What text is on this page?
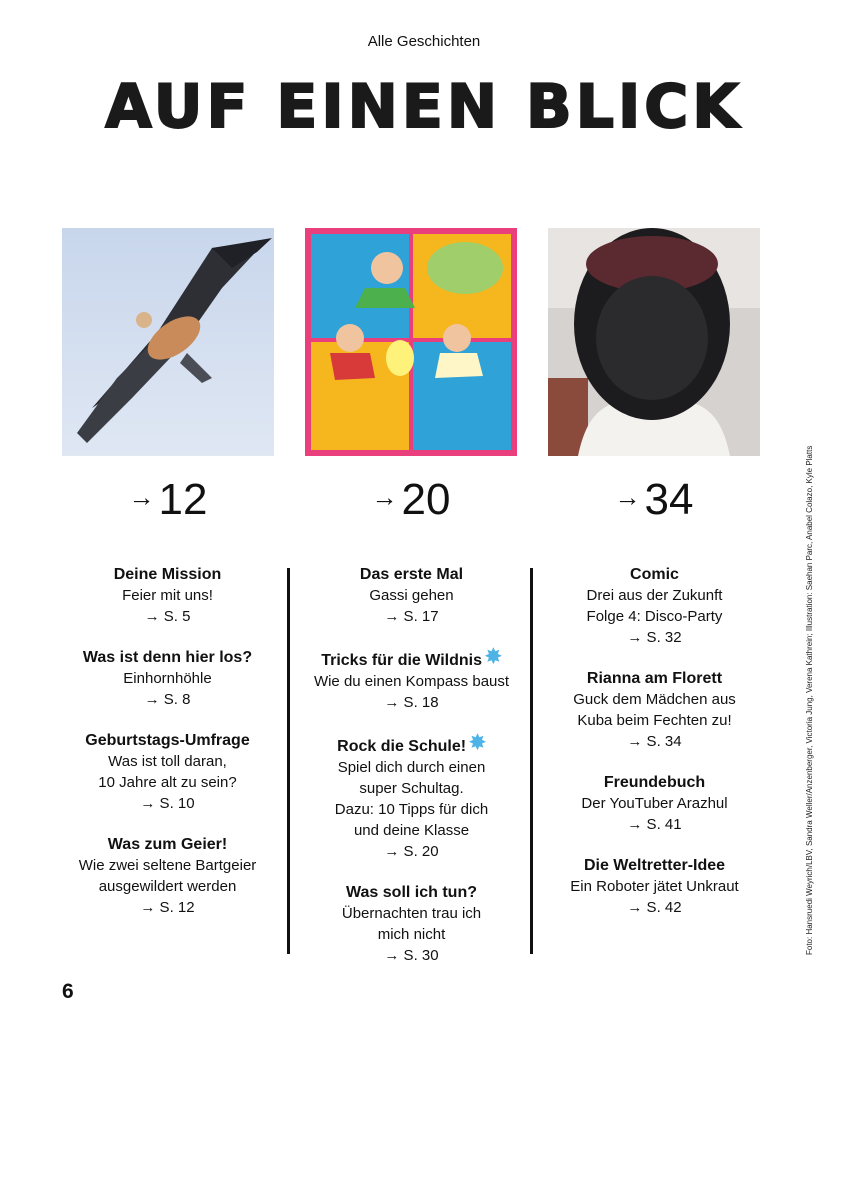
Alle Geschichten
AUF EINEN BLICK
→12	→20	→34
Deine Mission
Feier mit uns!
→ S. 5
Was ist denn hier los?
Einhornhöhle
→ S. 8
Geburtstags-Umfrage
Was ist toll daran,
10 Jahre alt zu sein?
→ S. 10
Was zum Geier!
Wie zwei seltene Bartgeier
ausgewildert werden
→ S. 12
Das erste Mal
Gassi gehen
→ S. 17
Tricks für die Wildnis ✸
Wie du einen Kompass baust
→ S. 18
Rock die Schule! ✸
Spiel dich durch einen
super Schultag.
Dazu: 10 Tipps für dich
und deine Klasse
→ S. 20
Was soll ich tun?
Übernachten trau ich
mich nicht
→ S. 30
Comic
Drei aus der Zukunft
Folge 4: Disco-Party
→ S. 32
Rianna am Florett
Guck dem Mädchen aus
Kuba beim Fechten zu!
→ S. 34
Freundebuch
Der YouTuber Arazhul
→ S. 41
Die Weltretter-Idee
Ein Roboter jätet Unkraut
→ S. 42
6
Foto: Hansruedi Weyrich/LBV, Sandra Weller/Anzenberger, Victoria Jung, Verena Kathrein; Illustration: Saehan Parc, Anabel Colazo, Kyle Platts
